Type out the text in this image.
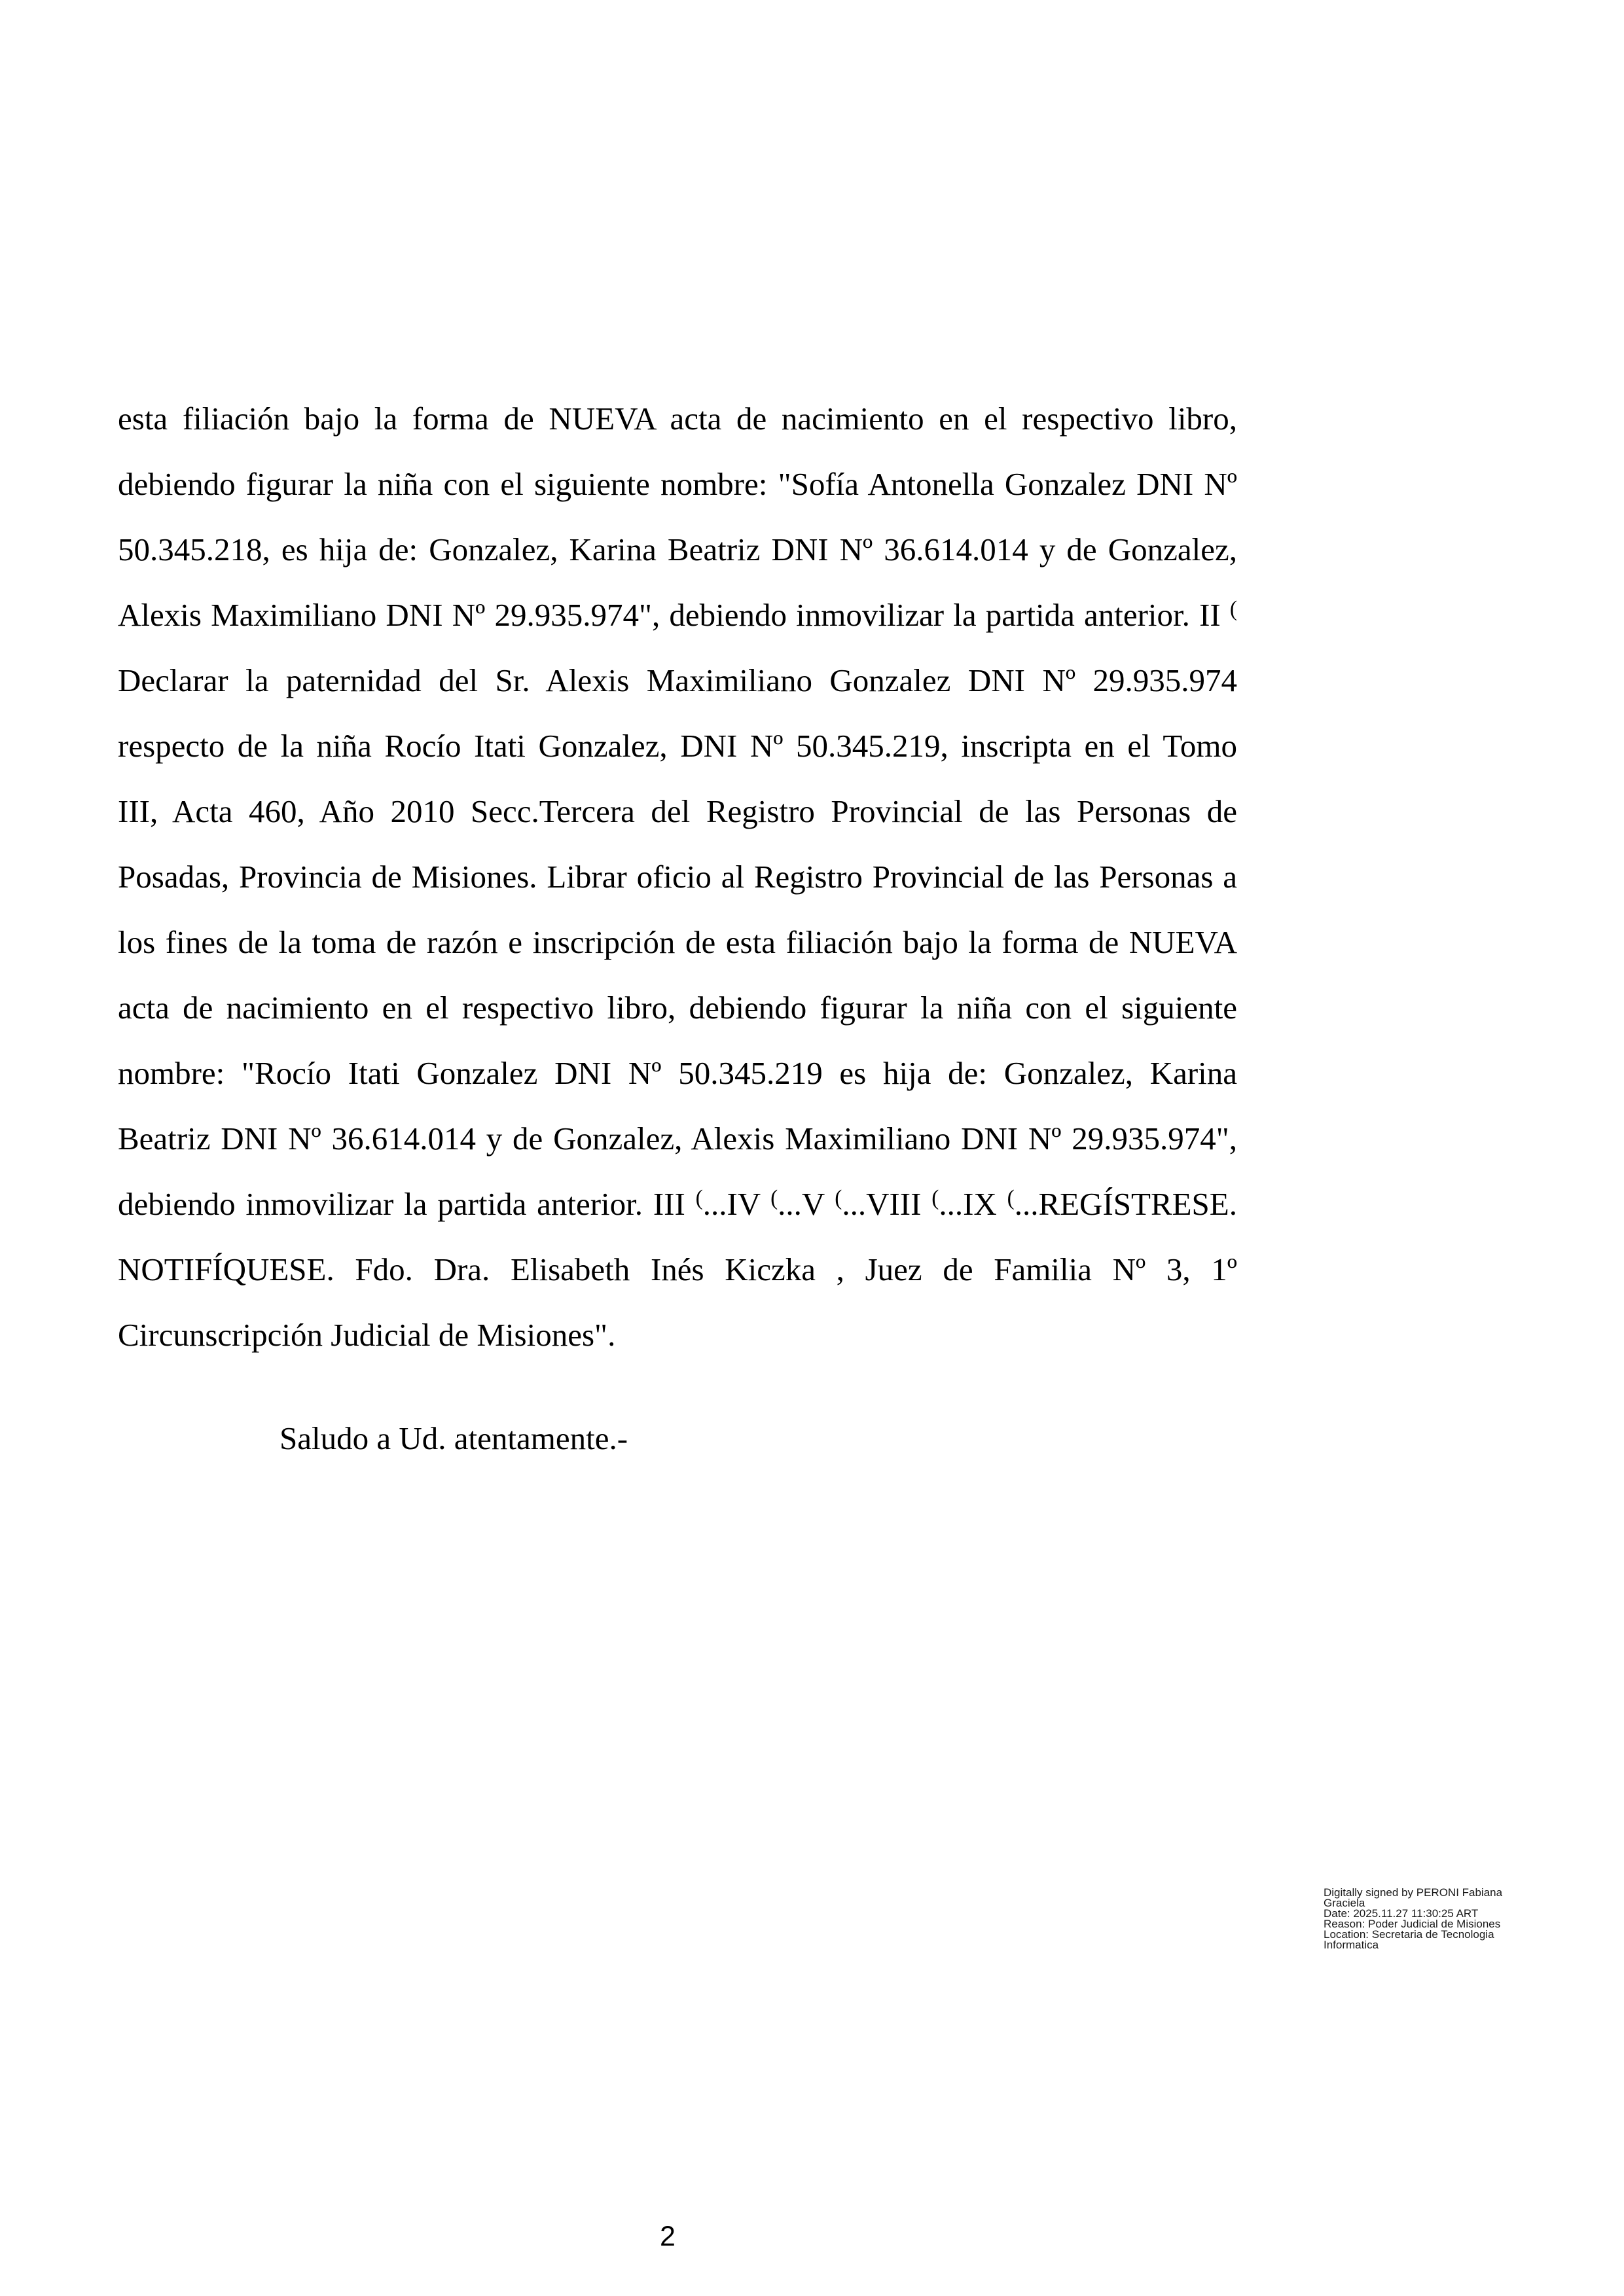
esta filiación bajo la forma de NUEVA acta de nacimiento en el respectivo libro,
debiendo figurar la niña con el siguiente nombre: "Sofía Antonella Gonzalez DNI Nº
50.345.218, es hija de: Gonzalez, Karina Beatriz DNI Nº 36.614.014 y de Gonzalez,
Alexis Maximiliano DNI Nº 29.935.974", debiendo inmovilizar la partida anterior. II (
Declarar la paternidad del Sr. Alexis Maximiliano Gonzalez DNI Nº 29.935.974
respecto de la niña Rocío Itati Gonzalez, DNI Nº 50.345.219, inscripta en el Tomo
III, Acta 460, Año 2010 Secc.Tercera del Registro Provincial de las Personas de
Posadas, Provincia de Misiones. Librar oficio al Registro Provincial de las Personas a
los fines de la toma de razón e inscripción de esta filiación bajo la forma de NUEVA
acta de nacimiento en el respectivo libro, debiendo figurar la niña con el siguiente
nombre: "Rocío Itati Gonzalez DNI Nº 50.345.219 es hija de: Gonzalez, Karina
Beatriz DNI Nº 36.614.014 y de Gonzalez, Alexis Maximiliano DNI Nº 29.935.974",
debiendo inmovilizar la partida anterior. III (...IV (...V (...VIII (...IX (...REGÍSTRESE.
NOTIFÍQUESE. Fdo. Dra. Elisabeth Inés Kiczka , Juez de Familia Nº 3, 1º
Circunscripción Judicial de Misiones".
Saludo a Ud. atentamente.-
Digitally signed by PERONI Fabiana
Graciela
Date: 2025.11.27 11:30:25 ART
Reason: Poder Judicial de Misiones
Location: Secretaria de Tecnologia
Informatica
2
